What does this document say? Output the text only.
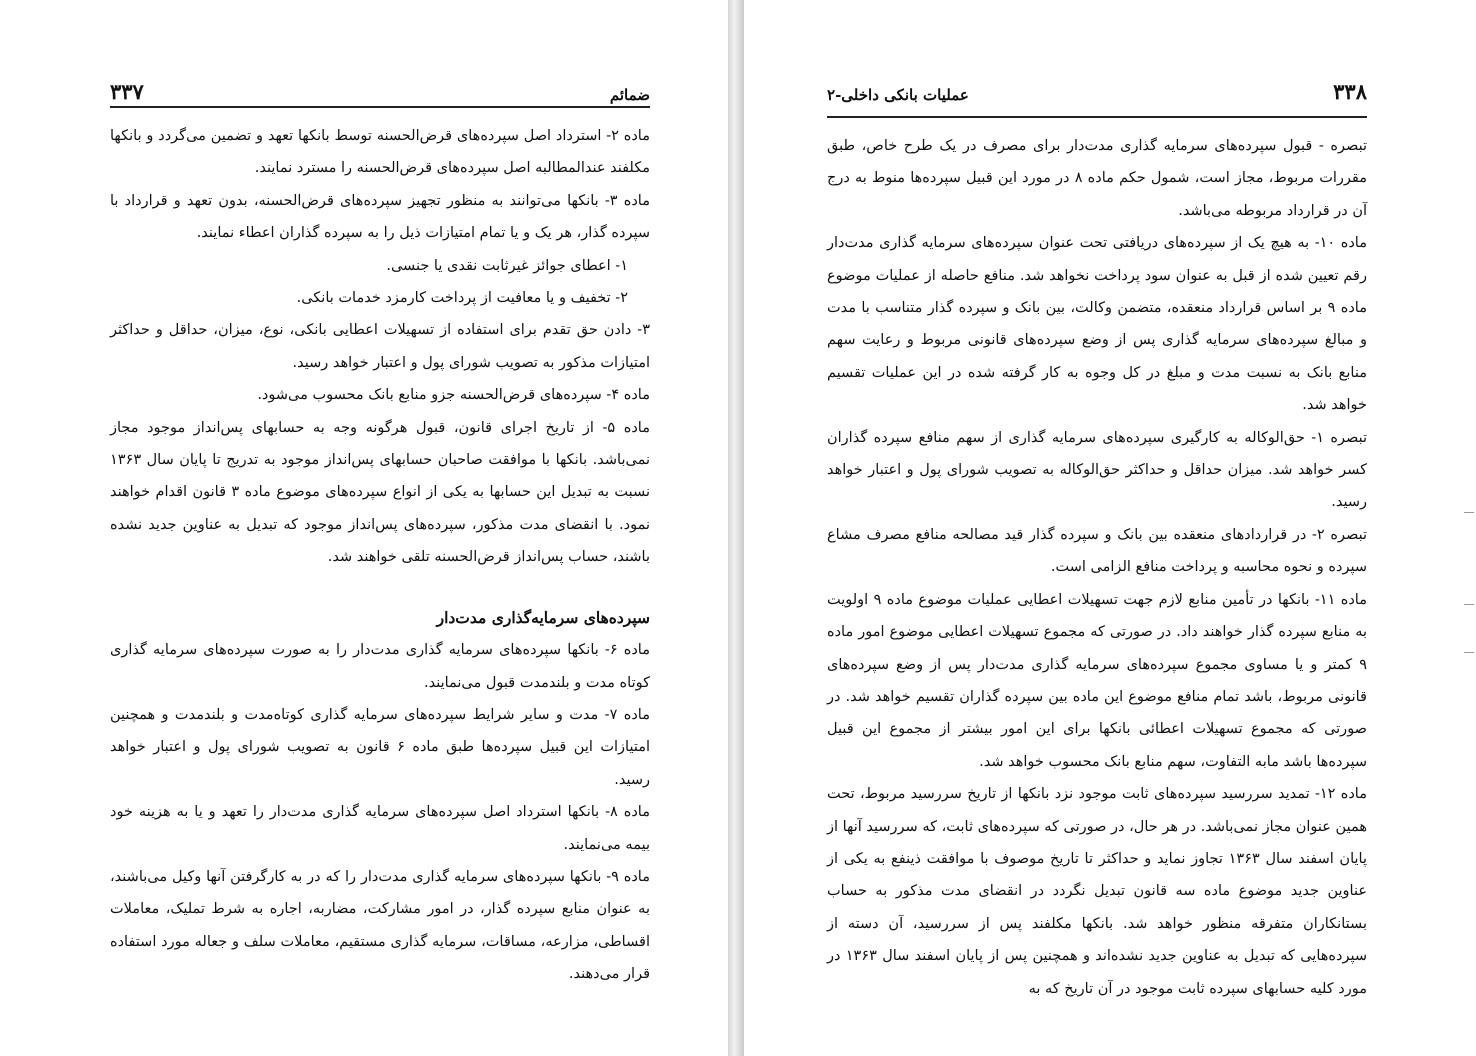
ضمائم
۳۳۷

ماده ۲- استرداد اصل سپرده‌های قرض‌الحسنه توسط بانکها تعهد و تضمین می‌گردد و بانکها مکلفند عندالمطالبه اصل سپرده‌های قرض‌الحسنه را مسترد نمایند.

ماده ۳- بانکها می‌توانند به منظور تجهیز سپرده‌های قرض‌الحسنه، بدون تعهد و قرارداد با سپرده گذار، هر یک و یا تمام امتیازات ذیل را به سپرده گذاران اعطاء نمایند.

۱- اعطای جوائز غیرثابت نقدی یا جنسی.

۲- تخفیف و یا معافیت از پرداخت کارمزد خدمات بانکی.

۳- دادن حق تقدم برای استفاده از تسهیلات اعطایی بانکی، نوع، میزان، حداقل و حداکثر امتیازات مذکور به تصویب شورای پول و اعتبار خواهد رسید.

ماده ۴- سپرده‌های قرض‌الحسنه جزو منابع بانک محسوب می‌شود.

ماده ۵- از تاریخ اجرای قانون، قبول هرگونه وجه به حسابهای پس‌انداز موجود مجاز نمی‌باشد. بانکها با موافقت صاحبان حسابهای پس‌انداز موجود به تدریج تا پایان سال ۱۳۶۳ نسبت به تبدیل این حسابها به یکی از انواع سپرده‌های موضوع ماده ۳ قانون اقدام خواهند نمود. با انقضای مدت مذکور، سپرده‌های پس‌انداز موجود که تبدیل به عناوین جدید نشده باشند، حساب پس‌انداز قرض‌الحسنه تلقی خواهند شد.

سپرده‌های سرمایه‌گذاری مدت‌دار

ماده ۶- بانکها سپرده‌های سرمایه گذاری مدت‌دار را به صورت سپرده‌های سرمایه گذاری کوتاه مدت و بلندمدت قبول می‌نمایند.

ماده ۷- مدت و سایر شرایط سپرده‌های سرمایه گذاری کوتاه‌مدت و بلندمدت و همچنین امتیازات این قبیل سپرده‌ها طبق ماده ۶ قانون به تصویب شورای پول و اعتبار خواهد رسید.

ماده ۸- بانکها استرداد اصل سپرده‌های سرمایه گذاری مدت‌دار را تعهد و یا به هزینه خود بیمه می‌نمایند.

ماده ۹- بانکها سپرده‌های سرمایه گذاری مدت‌دار را که در به کارگرفتن آنها وکیل می‌باشند، به عنوان منابع سپرده گذار، در امور مشارکت، مضاربه، اجاره به شرط تملیک، معاملات اقساطی، مزارعه، مساقات، سرمایه گذاری مستقیم، معاملات سلف و جعاله مورد استفاده قرار می‌دهند.

۳۳۸
عملیات بانکی داخلی-۲

تبصره - قبول سپرده‌های سرمایه گذاری مدت‌دار برای مصرف در یک طرح خاص، طبق مقررات مربوط، مجاز است، شمول حکم ماده ۸ در مورد این قبیل سپرده‌ها منوط به درج آن در قرارداد مربوطه می‌باشد.

ماده ۱۰- به هیچ یک از سپرده‌های دریافتی تحت عنوان سپرده‌های سرمایه گذاری مدت‌دار رقم تعیین شده از قبل به عنوان سود پرداخت نخواهد شد. منافع حاصله از عملیات موضوع ماده ۹ بر اساس قرارداد منعقده، متضمن وکالت، بین بانک و سپرده گذار متناسب با مدت و مبالغ سپرده‌های سرمایه گذاری پس از وضع سپرده‌های قانونی مربوط و رعایت سهم منابع بانک به نسبت مدت و مبلغ در کل وجوه به کار گرفته شده در این عملیات تقسیم خواهد شد.

تبصره ۱- حق‌الوکاله به کارگیری سپرده‌های سرمایه گذاری از سهم منافع سپرده گذاران کسر خواهد شد. میزان حداقل و حداکثر حق‌الوکاله به تصویب شورای پول و اعتبار خواهد رسید.

تبصره ۲- در قراردادهای منعقده بین بانک و سپرده گذار قید مصالحه منافع مصرف مشاع سپرده و نحوه محاسبه و پرداخت منافع الزامی است.

ماده ۱۱- بانکها در تأمین منابع لازم جهت تسهیلات اعطایی عملیات موضوع ماده ۹ اولویت به منابع سپرده گذار خواهند داد. در صورتی که مجموع تسهیلات اعطایی موضوع امور ماده ۹ کمتر و یا مساوی مجموع سپرده‌های سرمایه گذاری مدت‌دار پس از وضع سپرده‌های قانونی مربوط، باشد تمام منافع موضوع این ماده بین سپرده گذاران تقسیم خواهد شد. در صورتی که مجموع تسهیلات اعطائی بانکها برای این امور بیشتر از مجموع این قبیل سپرده‌ها باشد مابه التفاوت، سهم منابع بانک محسوب خواهد شد.

ماده ۱۲- تمدید سررسید سپرده‌های ثابت موجود نزد بانکها از تاریخ سررسید مربوط، تحت همین عنوان مجاز نمی‌باشد. در هر حال، در صورتی که سپرده‌های ثابت، که سررسید آنها از پایان اسفند سال ۱۳۶۳ تجاوز نماید و حداکثر تا تاریخ موصوف با موافقت ذینفع به یکی از عناوین جدید موضوع ماده سه قانون تبدیل نگردد در انقضای مدت مذکور به حساب بستانکاران متفرقه منظور خواهد شد. بانکها مکلفند پس از سررسید، آن دسته از سپرده‌هایی که تبدیل به عناوین جدید نشده‌اند و همچنین پس از پایان اسفند سال ۱۳۶۳ در مورد کلیه حسابهای سپرده ثابت موجود در آن تاریخ که به
